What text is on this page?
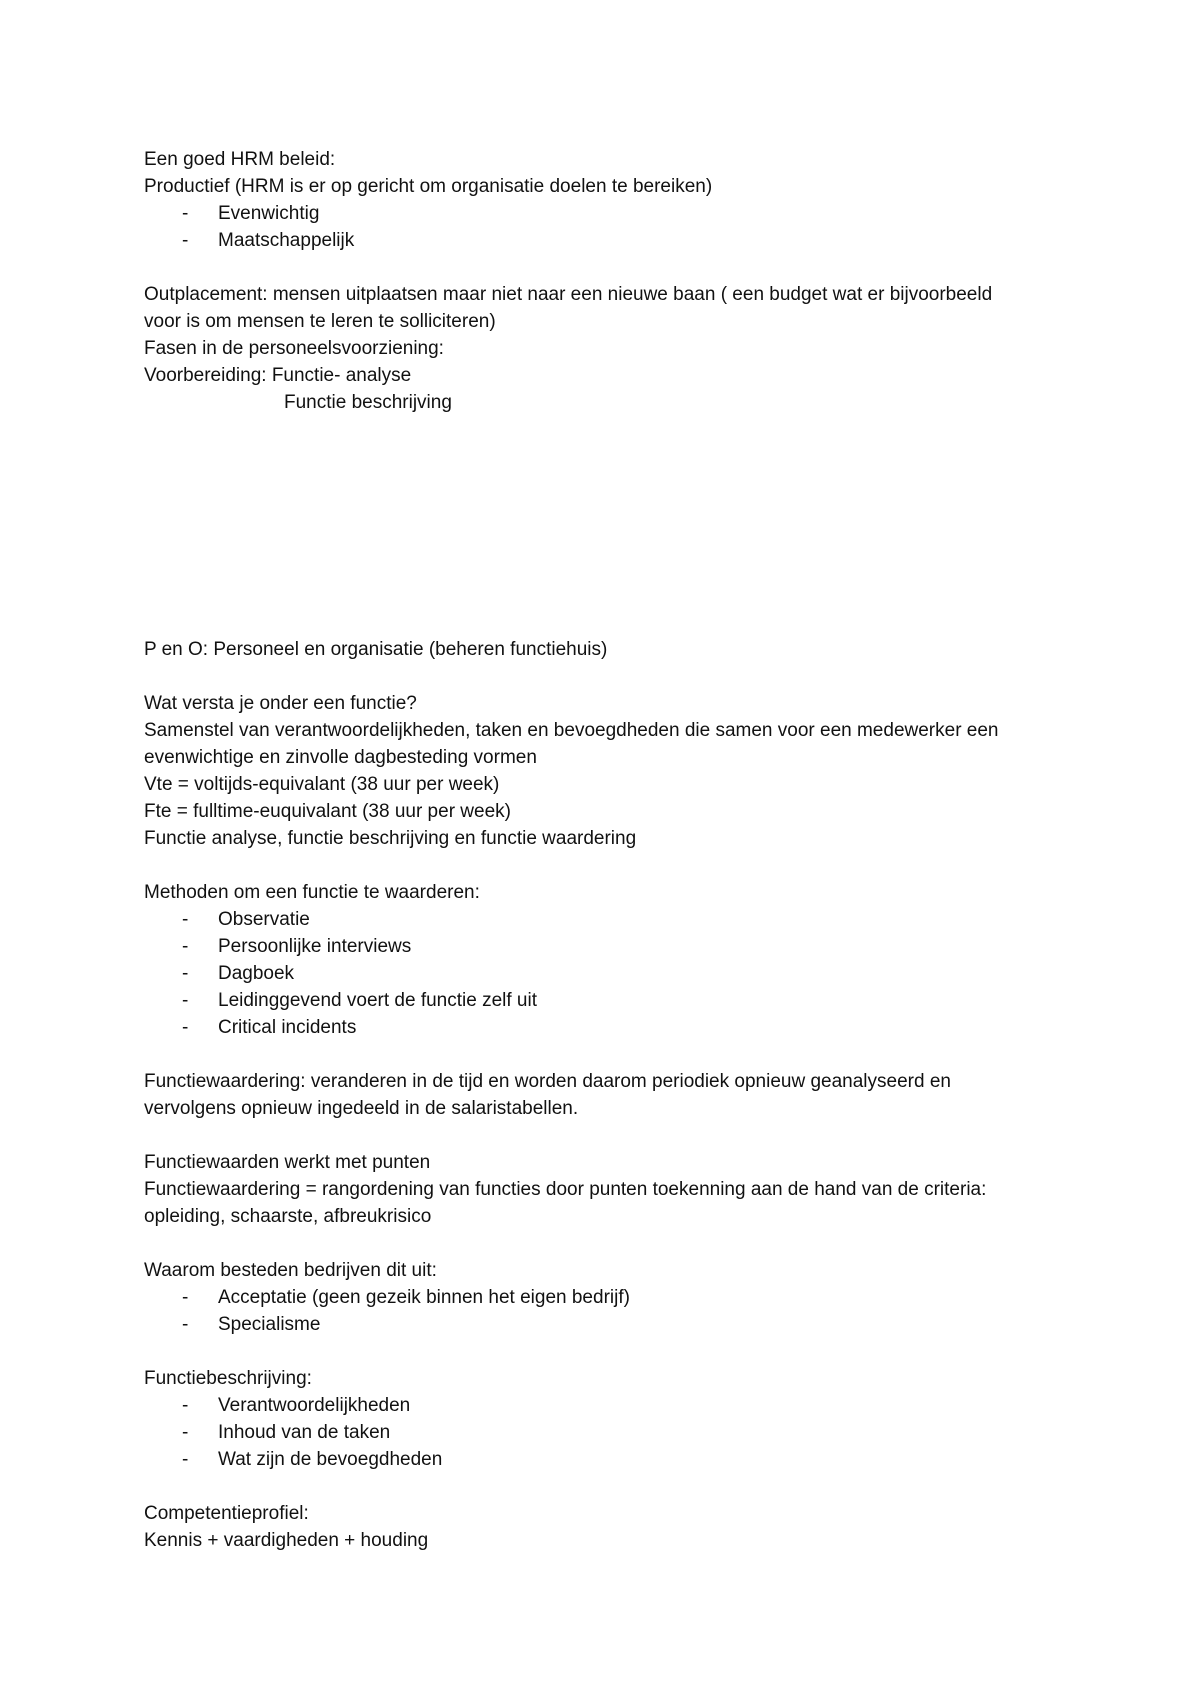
Een goed HRM beleid:
Productief (HRM is er op gericht om organisatie doelen te bereiken)
- Evenwichtig
- Maatschappelijk
Outplacement: mensen uitplaatsen maar niet naar een nieuwe baan ( een budget wat er bijvoorbeeld
voor is om mensen te leren te solliciteren)
Fasen in de personeelsvoorziening:
Voorbereiding: Functie- analyse
Functie beschrijving
P en O: Personeel en organisatie (beheren functiehuis)
Wat versta je onder een functie?
Samenstel van verantwoordelijkheden, taken en bevoegdheden die samen voor een medewerker een
evenwichtige en zinvolle dagbesteding vormen
Vte = voltijds-equivalant (38 uur per week)
Fte = fulltime-euquivalant (38 uur per week)
Functie analyse, functie beschrijving en functie waardering
Methoden om een functie te waarderen:
- Observatie
- Persoonlijke interviews
- Dagboek
- Leidinggevend voert de functie zelf uit
- Critical incidents
Functiewaardering: veranderen in de tijd en worden daarom periodiek opnieuw geanalyseerd en
vervolgens opnieuw ingedeeld in de salaristabellen.
Functiewaarden werkt met punten
Functiewaardering = rangordening van functies door punten toekenning aan de hand van de criteria:
opleiding, schaarste, afbreukrisico
Waarom besteden bedrijven dit uit:
- Acceptatie (geen gezeik binnen het eigen bedrijf)
- Specialisme
Functiebeschrijving:
- Verantwoordelijkheden
- Inhoud van de taken
- Wat zijn de bevoegdheden
Competentieprofiel:
Kennis + vaardigheden + houding
